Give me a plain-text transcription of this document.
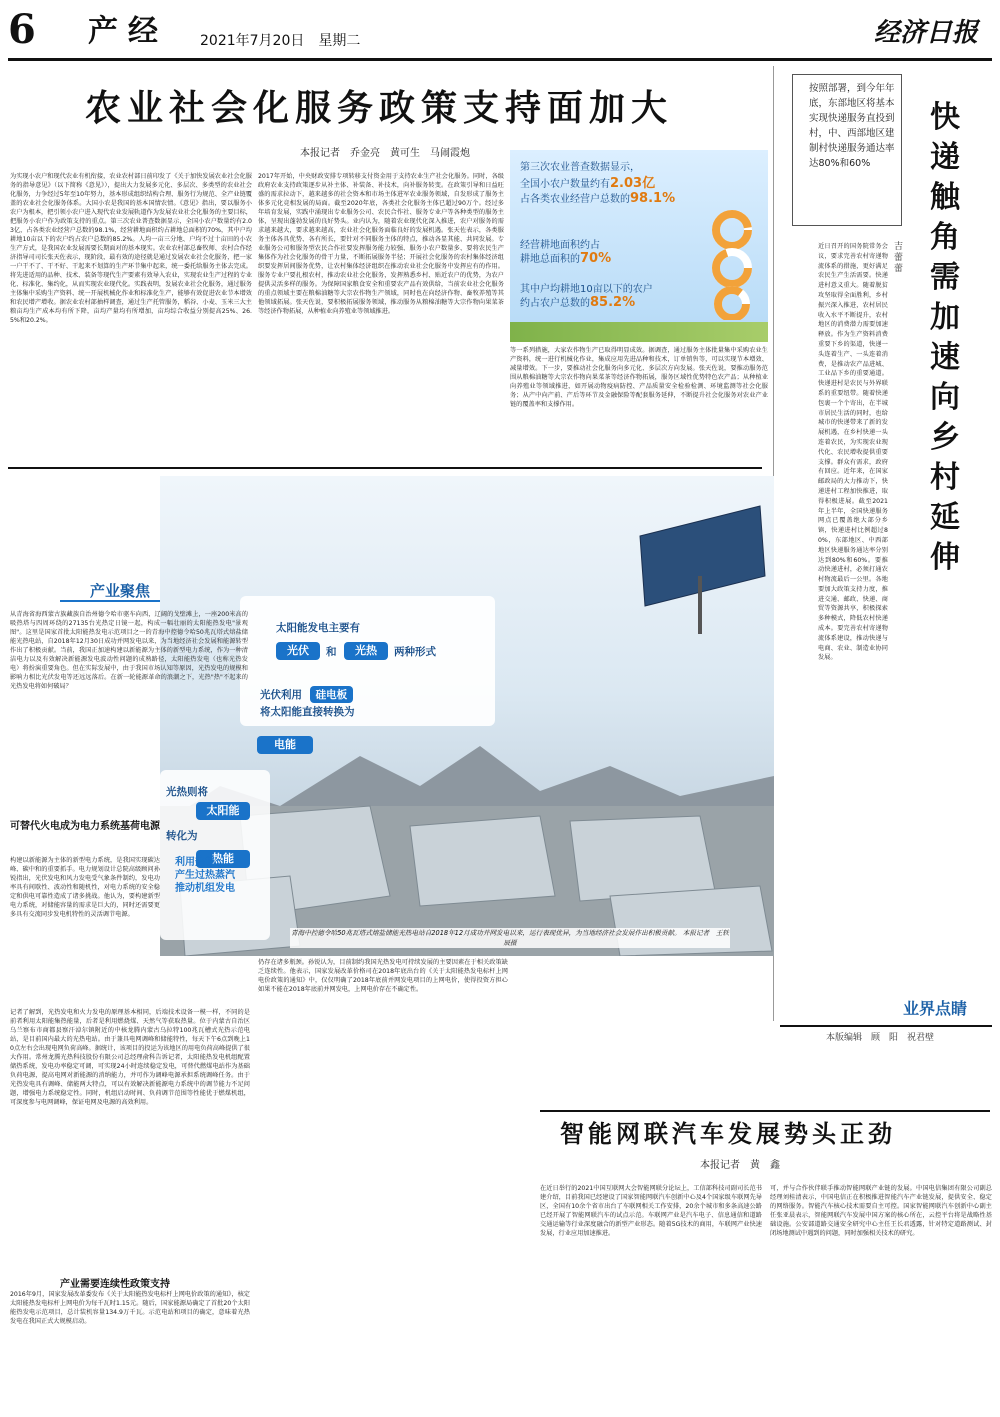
6 产经 2021年7月20日　星期二	经济日报
农业社会化服务政策支持面加大
本报记者　乔金亮　黄可生　马闹霞炮
为实现小农户和现代农业有机衔接，农业农村部日前印发了《关于加快发展农业社会化服务的指导意见》（以下简称《意见》），提出大力发展多元化、多层次、多类型的农业社会化服务，力争经过5年至10年努力，基本形成组织结构合理、服务行为规范、全产业链覆盖的农业社会化服务体系。大国小农是我国的基本国情农情。《意见》指出，要以服务小农户为根本，把引领小农户进入现代农业发展轨道作为发展农业社会化服务的主要目标，把服务小农户作为政策支持的重点。第三次农业普查数据显示，全国小农户数量约有2.03亿，占各类农业经营户总数的98.1%，经营耕地面积约占耕地总面积的70%，其中户均耕地10亩以下的农户约占农户总数的85.2%。人均一亩三分地、户均不过十亩田的小农生产方式，是我国农业发展需要长期面对的基本现实。农业农村部总畜牧师、农村合作经济指导司司长张天佐表示，现阶段，最有效的途径就是通过发展农业社会化服务，把一家一户干不了、干不好、干起来不划算的生产环节集中起来，统一委托给服务主体去完成。将先进适用的品种、技术、装备等现代生产要素有效导入农业，实现农业生产过程的专业化、标准化、集约化，从而实现农业现代化。实践表明，发展农业社会化服务，通过服务主体集中采购生产资料、统一开展机械化作业和标准化生产，能够有效促进农业节本增效和农民增产增收。据农业农村部抽样调查，通过生产托管服务，稻谷、小麦、玉米三大主粮亩均生产成本均有所下降，亩均产量均有所增加，亩均综合收益分别提高25%、26.5%和20.2%。
2017年开始，中央财政安排专项转移支付资金用于支持农业生产社会化服务。同时，各级政府农业支持政策逐步从补主体、补装备、补技术，向补服务转变。在政策引导和日益旺盛的需求拉动下，越来越多的社会资本和市场主体进军农业服务领域，自发形成了服务主体多元化竞相发展的局面。截至2020年底，各类社会化服务主体已超过90万个。经过多年培育发展，实践中涌现出专业服务公司、农民合作社、服务专业户等各种类型的服务主体，呈现出蓬勃发展的良好势头。业内认为，随着农业现代化深入推进，农户对服务的需求越来越大，要求越来越高，农业社会化服务面临良好的发展机遇。张天佐表示，各类服务主体各具优势、各有所长，要针对不同服务主体的特点，推动各显其能、共同发展。专业服务公司和服务型农民合作社要发挥服务能力较强、服务小农户数量多、要将农民生产集体作为社会化服务的骨干力量，不断拓展服务半径；开展社会化服务的农村集体经济组织要发挥居间服务优势，让农村集体经济组织在推动农业社会化服务中发挥应有的作用。服务专业户要扎根农村，推动农业社会化服务，发挥熟悉乡村、贴近农户的优势，为农户提供灵活多样的服务。为保障国家粮食安全和重要农产品有效供给，当前农业社会化服务的重点领域主要在粮棉油糖等大宗农作物生产领域，同时也在向经济作物、畜牧养殖等其他领域拓展。张天佐说，要积极拓展服务领域，推动服务从粮棉油糖等大宗作物向果菜茶等经济作物拓展，从种植业向养殖业等领域推进。
第三次农业普查数据显示，
全国小农户数量约有2.03亿
占各类农业经营户总数的98.1%
经营耕地面积约占
耕地总面积的70%
其中户均耕地10亩以下的农户
约占农户总数的85.2%
等一系列措施，大家农作物生产已取得明显成效。据调查，通过服务主体批量集中采购农业生产资料，统一进行机械化作业，集成应用先进品种和技术，订单销售等，可以实现节本增效、减量增效。下一步，要推动社会化服务向多元化、多层次方向发展。张天佐说，要推动服务范围从粮棉油糖等大宗农作物向果菜茶等经济作物拓展，服务区域性优势特色农产品；从种植业向养殖业等领域推进，如开展动物疫病防控、产品质量安全检验检测、环境监测等社会化服务；从产中向产前、产后等环节及金融保险等配套服务延伸，不断提升社会化服务对农业产业链的覆盖率和支撑作用。
按照部署，到今年年底，东部地区将基本实现快递服务直投到村，中、西部地区建制村快递服务通达率达80%和60%
快递触角需加速向乡村延伸
吉蕾蕾
近日召开的国务院常务会议，要求完善农村寄递物流体系的措施，更好满足农民生产生活需要。快递进村意义重大。随着脱贫攻坚取得全面胜利，乡村振兴深入推进，农村居民收入水平不断提升，农村地区的消费潜力需要加速释放。作为生产资料消费重要下乡的渠道，快递一头连着生产、一头连着消费，是推动农产品进城、工业品下乡的重要通道。快递进村是农民与外界联系的重要纽带。随着快递包裹一个个寄出，在半城市居民生活的同时，也给城市的快递带来了新的发展机遇，在乡村快递一头连着农民，为实现农业现代化、农民增收提供重要支撑。群众有需求，政府有回应。近年来，在国家邮政局的大力推动下，快递进村工程加快推进，取得积极进展。截至2021年上半年，全国快递服务网点已覆盖绝大部分乡镇，快递进村比例超过80%，东部地区、中西部地区快递服务通达率分别达到80%和60%。要推动快递进村，必须打通农村物流最后一公里。各地要加大政策支持力度，推进交通、邮政、快递、商贸等资源共享，积极探索多种模式，降低农村快递成本。要完善农村寄递物流体系建设，推动快递与电商、农业、制造业协同发展。
业界点睛
本版编辑　顾　阳　祝君壁
产业聚焦
太阳能发电主要有
光伏	和	光热	两种形式
光伏利用 硅电板
将太阳能直接转换为
电能
光热则将
太阳能
转化为
热能
利用热能
产生过热蒸汽
推动机组发电
青海中控德令哈50兆瓦塔式熔盐储能光热电站自2018年12月成功并网发电以来，运行表现优异，为当地经济社会发展作出积极贡献。 本报记者　王轶辰摄
从青海省海西蒙古族藏族自治州德令哈市驱车向西，辽阔的戈壁滩上，一座200米高的吸热塔与四周环绕的27135台光热定日镜一起，构成一幅壮丽的太阳能热发电"景观图"。这里是国家首批太阳能热发电示范项目之一的青海中控德令哈50兆瓦塔式熔盐储能光热电站，自2018年12月30日成功并网发电以来，为当地经济社会发展和能源转型作出了积极贡献。当前，我国正加速构建以新能源为主体的新型电力系统，作为一种清洁电力以及有效解决新能源发电波动性问题的成熟路径，太阳能热发电（也称光热发电）将扮演重要角色。但在实际发展中，由于我国市场认知等原因，光热发电的规模和影响力相比光伏发电等还远远落后。在新一轮能源革命的浪潮之下，光热"热"不起来的光热发电将如何破局？
可替代火电成为电力系统基荷电源
构建以新能源为主体的新型电力系统，是我国实现碳达峰、碳中和的重要抓手。电力规划设计总院高级顾问孙锐指出，光伏发电和风力发电受气象条件制约，发电功率具有间歇性、波动性和随机性，对电力系统的安全稳定和供电可靠性造成了诸多挑战。他认为，要构建新型电力系统，对储能容量的需求是巨大的，同时还需要更多具有交流同步发电机特性的灵活调节电源。
记者了解到，光热发电和火力发电的原理基本相同，后端技术设备一模一样，不同的是前者利用太阳能集热能量，后者是利用燃烧煤、天然气等获取热量。位于内蒙古自治区乌兰察布市商都县察汗淖尔镇附近的中核龙腾内蒙古乌拉特100兆瓦槽式光热示范电站，是目前国内最大的光热电站。由于兼具电网调峰和储能特性，每天下午6点到晚上10点左右会出现电网负荷高峰。据统计，该项目的投运为该地区的用电负荷高峰提供了很大作用。常州龙腾光热科技股份有限公司总经理俞科告诉记者，太阳能热发电机组配置储热系统，发电功率稳定可调，可实现24小时连续稳定发电，可替代燃煤电站作为基础负荷电源，提高电网对新能源的消纳能力，并可作为调峰电源承担系统调峰任务。由于光热发电具有调峰、储能两大特点，可以有效解决新能源电力系统中的调节能力不足问题，增强电力系统稳定性。同时，机组启动时间、负荷调节范围等性能优于燃煤机组，可深度参与电网调峰，保证电网及电源的高效利用。
产业需要连续性政策支持
2016年9月，国家发展改革委发布《关于太阳能热发电标杆上网电价政策的通知》，核定太阳能热发电标杆上网电价为每千瓦时1.15元。随后，国家能源局确定了首批20个太阳能热发电示范项目，总计装机容量134.9万千瓦。示范电站和项目的确定，意味着光热发电在我国正式大规模启动。
仍存在诸多瓶颈。孙锐认为，目前制约我国光热发电可持续发展的主要因素在于相关政策缺乏连续性。他表示，国家发展改革价格司在2018年底出台的《关于太阳能热发电标杆上网电价政策的通知》中，仅仅明确了2018年底前并网发电项目的上网电价，使得投资方担心如果不能在2018年底前并网发电，上网电价存在不确定性。
智能网联汽车发展势头正劲
本报记者　黄　鑫
在近日举行的2021中国互联网大会智能网联分论坛上，工信部科技司副司长范书建介绍，目前我国已经建设了国家智能网联汽车创新中心及4个国家级车联网先导区，全国有10余个省市出台了车联网相关工作安排，20余个城市和多条高速公路已经开展了智能网联汽车的试点示范。车联网产业是汽车电子、信息通信和道路交通运输等行业深度融合的新型产业形态。随着5G技术的商用，车联网产业快速发展，行业应用加速推进。
可，并与合作伙伴联手推动智能网联产业链的发展。中国电信集团有限公司副总经理刘桂清表示，中国电信正在积极推进智能汽车产业链发展，提供安全、稳定的网络服务。智能汽车核心技术需要自主可控。国家智能网联汽车创新中心副主任张亚晨表示，智能网联汽车发展中国方案的核心所在，云控平台将是战略性基础设施。公安部道路交通安全研究中心主任王长君透露，针对特定道路测试、封闭场地测试中遇到的问题，同时加强相关技术的研究。
